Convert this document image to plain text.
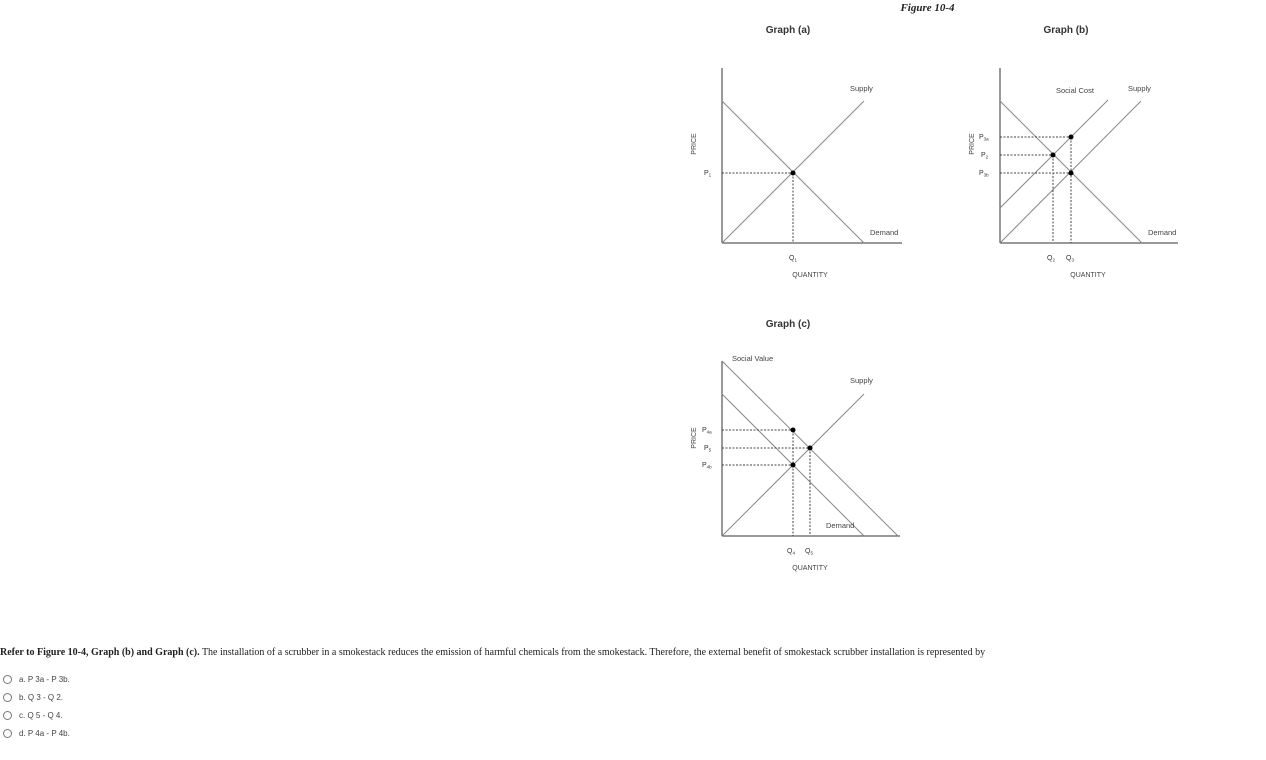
Figure 10-4
Graph (a)
Supply
Demand
QUANTITY
PRICE
$P_1$
$Q_1$
Graph (b)
Social Cost	Supply
Demand
QUANTITY
PRICE $P_{3a}$
$P_2$
$P_{3b}$
$Q_2$ $Q_3$
Graph (c)
Social Value
Supply
Demand
QUANTITY
PRICE $P_{4a}$
$P_5$
$P_{4b}$
$Q_4$ $Q_5$
Refer to Figure 10-4, Graph (b) and Graph (c). The installation of a scrubber in a smokestack reduces the emission of harmful chemicals from the smokestack. Therefore, the external benefit of smokestack scrubber installation is represented by
a. P 3a - P 3b.
b. Q 3 - Q 2.
c. Q 5 - Q 4.
d. P 4a - P 4b.
